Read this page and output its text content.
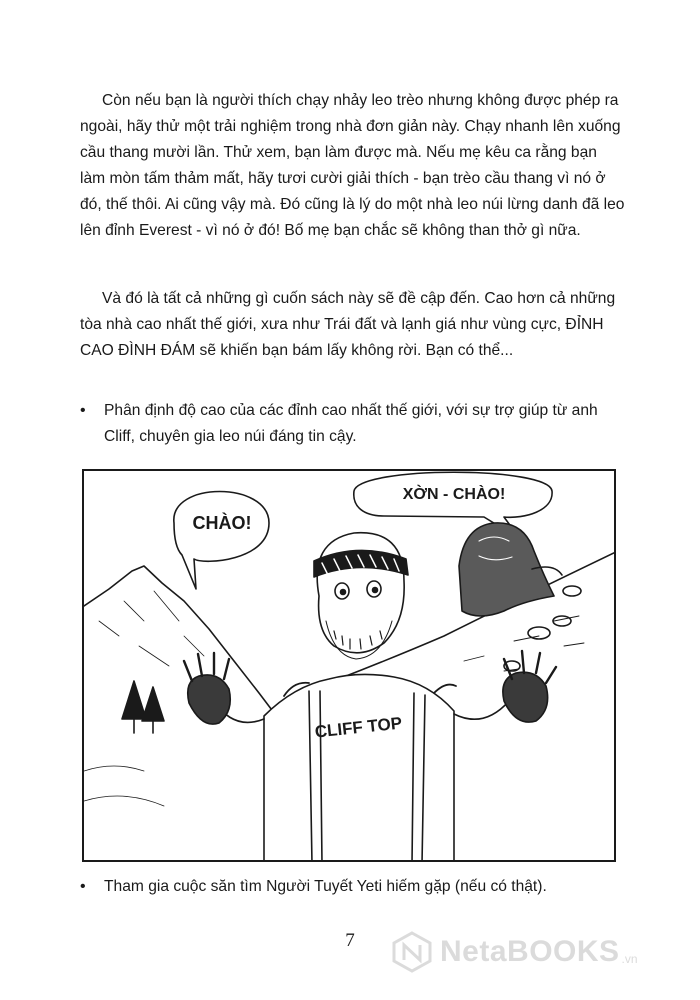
Còn nếu bạn là người thích chạy nhảy leo trèo nhưng không được phép ra ngoài, hãy thử một trải nghiệm trong nhà đơn giản này. Chạy nhanh lên xuống cầu thang mười lần. Thử xem, bạn làm được mà. Nếu mẹ kêu ca rằng bạn làm mòn tấm thảm mất, hãy tươi cười giải thích - bạn trèo cầu thang vì nó ở đó, thế thôi. Ai cũng vậy mà. Đó cũng là lý do một nhà leo núi lừng danh đã leo lên đỉnh Everest - vì nó ở đó! Bố mẹ bạn chắc sẽ không than thở gì nữa.

Và đó là tất cả những gì cuốn sách này sẽ đề cập đến. Cao hơn cả những tòa nhà cao nhất thế giới, xưa như Trái đất và lạnh giá như vùng cực, ĐỈNH CAO ĐÌNH ĐÁM sẽ khiến bạn bám lấy không rời. Bạn có thể...

•	Phân định độ cao của các đỉnh cao nhất thế giới, với sự trợ giúp từ anh Cliff, chuyên gia leo núi đáng tin cậy.
CHÀO!
XỜN - CHÀO!
CLIFF TOP
•	Tham gia cuộc săn tìm Người Tuyết Yeti hiếm gặp (nếu có thật).
7	NetaBOOKS .vn
